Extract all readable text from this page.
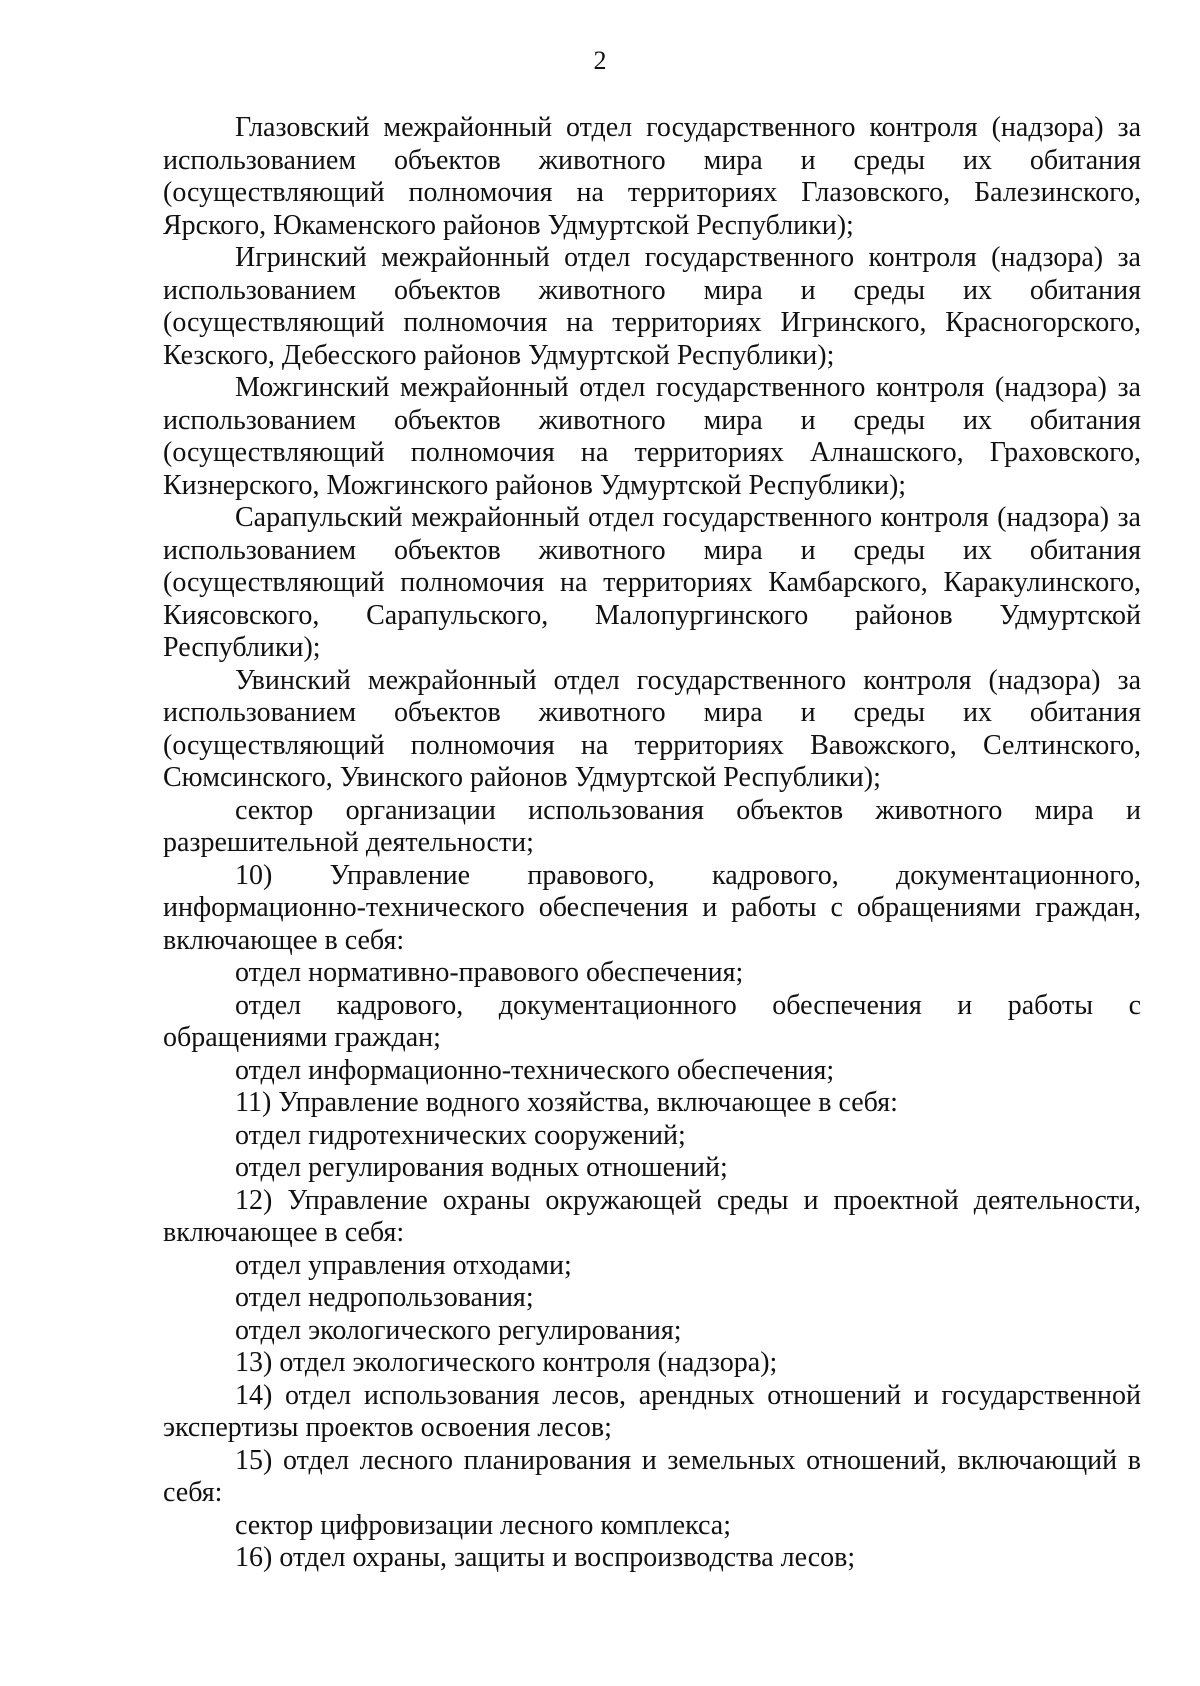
2

Глазовский межрайонный отдел государственного контроля (надзора) за использованием объектов животного мира и среды их обитания (осуществляющий полномочия на территориях Глазовского, Балезинского, Ярского, Юкаменского районов Удмуртской Республики);

Игринский межрайонный отдел государственного контроля (надзора) за использованием объектов животного мира и среды их обитания (осуществляющий полномочия на территориях Игринского, Красногорского, Кезского, Дебесского районов Удмуртской Республики);

Можгинский межрайонный отдел государственного контроля (надзора) за использованием объектов животного мира и среды их обитания (осуществляющий полномочия на территориях Алнашского, Граховского, Кизнерского, Можгинского районов Удмуртской Республики);

Сарапульский межрайонный отдел государственного контроля (надзора) за использованием объектов животного мира и среды их обитания (осуществляющий полномочия на территориях Камбарского, Каракулинского, Киясовского, Сарапульского, Малопургинского районов Удмуртской Республики);

Увинский межрайонный отдел государственного контроля (надзора) за использованием объектов животного мира и среды их обитания (осуществляющий полномочия на территориях Вавожского, Селтинского, Сюмсинского, Увинского районов Удмуртской Республики);

сектор организации использования объектов животного мира и разрешительной деятельности;

10) Управление правового, кадрового, документационного, информационно-технического обеспечения и работы с обращениями граждан, включающее в себя:

отдел нормативно-правового обеспечения;

отдел кадрового, документационного обеспечения и работы с обращениями граждан;

отдел информационно-технического обеспечения;

11) Управление водного хозяйства, включающее в себя:

отдел гидротехнических сооружений;

отдел регулирования водных отношений;

12) Управление охраны окружающей среды и проектной деятельности, включающее в себя:

отдел управления отходами;

отдел недропользования;

отдел экологического регулирования;

13) отдел экологического контроля (надзора);

14) отдел использования лесов, арендных отношений и государственной экспертизы проектов освоения лесов;

15) отдел лесного планирования и земельных отношений, включающий в себя:

сектор цифровизации лесного комплекса;

16) отдел охраны, защиты и воспроизводства лесов;
